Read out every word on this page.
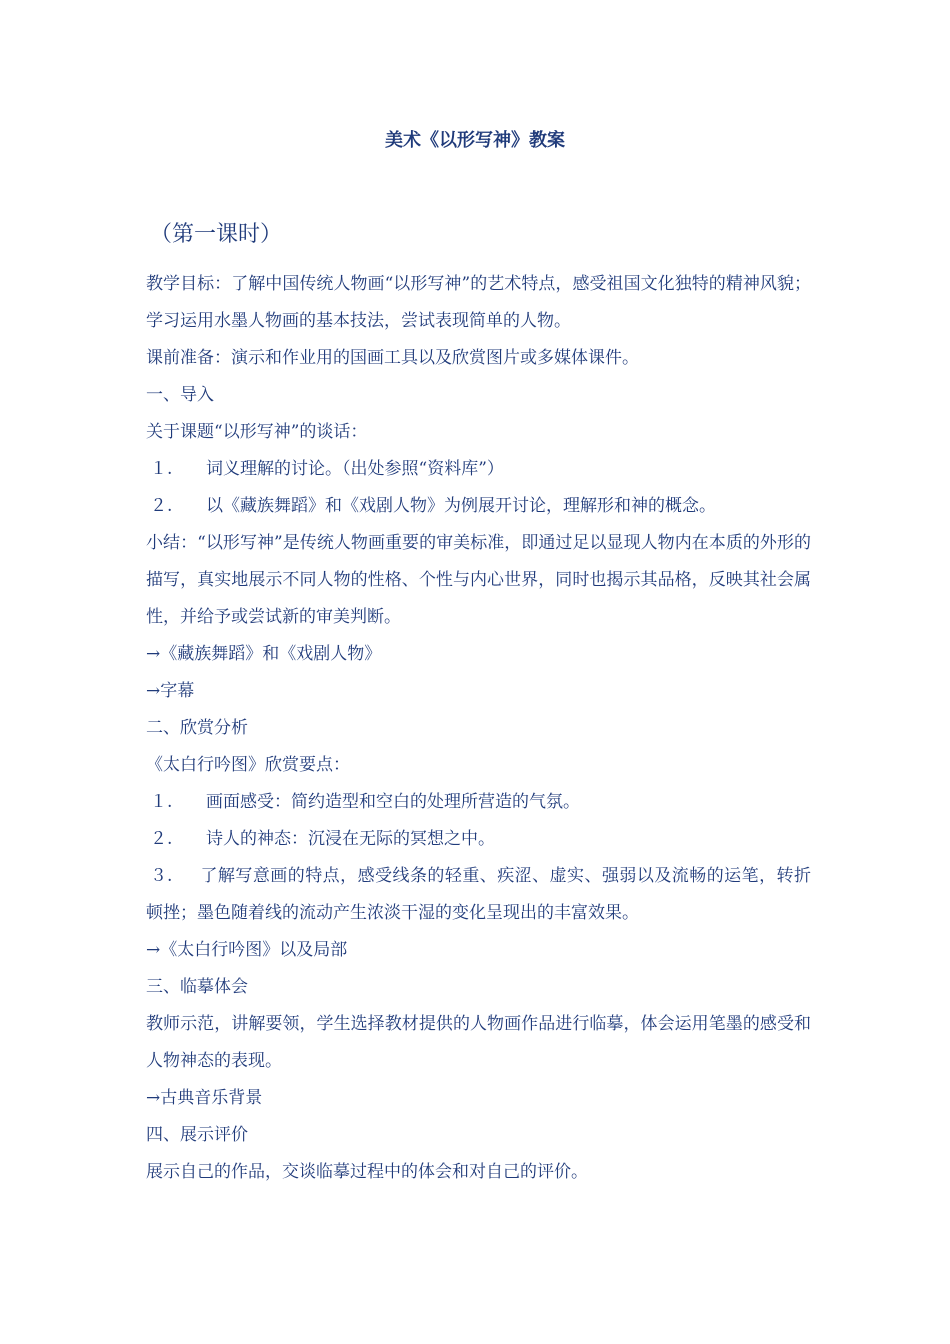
美术《以形写神》教案
（第一课时）
教学目标：了解中国传统人物画“以形写神”的艺术特点，感受祖国文化独特的精神风貌；学习运用水墨人物画的基本技法，尝试表现简单的人物。
课前准备：演示和作业用的国画工具以及欣赏图片或多媒体课件。
一、导入
关于课题“以形写神”的谈话：
１. 词义理解的讨论。（出处参照“资料库”）
２. 以《藏族舞蹈》和《戏剧人物》为例展开讨论，理解形和神的概念。
小结：“以形写神”是传统人物画重要的审美标准，即通过足以显现人物内在本质的外形的描写，真实地展示不同人物的性格、个性与内心世界，同时也揭示其品格，反映其社会属性，并给予或尝试新的审美判断。
→《藏族舞蹈》和《戏剧人物》
→字幕
二、欣赏分析
《太白行吟图》欣赏要点：
１. 画面感受：简约造型和空白的处理所营造的气氛。
２. 诗人的神态：沉浸在无际的冥想之中。
３. 了解写意画的特点，感受线条的轻重、疾涩、虚实、强弱以及流畅的运笔，转折顿挫；墨色随着线的流动产生浓淡干湿的变化呈现出的丰富效果。
→《太白行吟图》以及局部
三、临摹体会
教师示范，讲解要领，学生选择教材提供的人物画作品进行临摹，体会运用笔墨的感受和人物神态的表现。
→古典音乐背景
四、展示评价
展示自己的作品，交谈临摹过程中的体会和对自己的评价。
